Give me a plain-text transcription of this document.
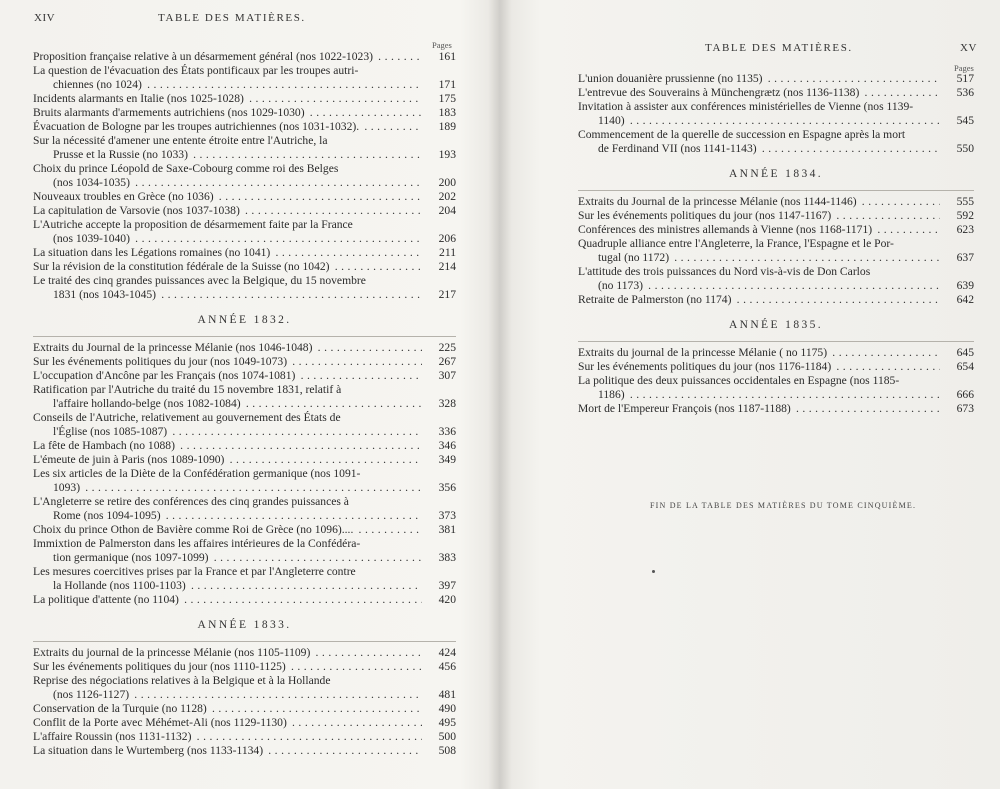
XIV	TABLE DES MATIÈRES.
Pages
Proposition française relative à un désarmement général (nos 1022-1023) . . .	161
La question de l'évacuation des États pontificaux par les troupes autri-
chiennes (no 1024) . . .	171
Incidents alarmants en Italie (nos 1025-1028) . . .	175
Bruits alarmants d'armements autrichiens (nos 1029-1030) . . .	183
Évacuation de Bologne par les troupes autrichiennes (nos 1031-1032). . . .	189
Sur la nécessité d'amener une entente étroite entre l'Autriche, la
Prusse et la Russie (no 1033) . . .	193
Choix du prince Léopold de Saxe-Cobourg comme roi des Belges
(nos 1034-1035) . . .	200
Nouveaux troubles en Grèce (no 1036) . . .	202
La capitulation de Varsovie (nos 1037-1038) . . .	204
L'Autriche accepte la proposition de désarmement faite par la France
(nos 1039-1040) . . .	206
La situation dans les Légations romaines (no 1041) . . .	211
Sur la révision de la constitution fédérale de la Suisse (no 1042) . . .	214
Le traité des cinq grandes puissances avec la Belgique, du 15 novembre
1831 (nos 1043-1045) . . .	217
ANNÉE 1832.
Extraits du Journal de la princesse Mélanie (nos 1046-1048) . . .	225
Sur les événements politiques du jour (nos 1049-1073) . . .	267
L'occupation d'Ancône par les Français (nos 1074-1081) . . .	307
Ratification par l'Autriche du traité du 15 novembre 1831, relatif à
l'affaire hollando-belge (nos 1082-1084) . . .	328
Conseils de l'Autriche, relativement au gouvernement des États de
l'Église (nos 1085-1087) . . .	336
La fête de Hambach (no 1088) . . .	346
L'émeute de juin à Paris (nos 1089-1090) . . .	349
Les six articles de la Diète de la Confédération germanique (nos 1091-
1093) . . .	356
L'Angleterre se retire des conférences des cinq grandes puissances à
Rome (nos 1094-1095) . . .	373
Choix du prince Othon de Bavière comme Roi de Grèce (no 1096).... . . .	381
Immixtion de Palmerston dans les affaires intérieures de la Confédéra-
tion germanique (nos 1097-1099) . . .	383
Les mesures coercitives prises par la France et par l'Angleterre contre
la Hollande (nos 1100-1103) . . .	397
La politique d'attente (no 1104) . . .	420
ANNÉE 1833.
Extraits du journal de la princesse Mélanie (nos 1105-1109) . . .	424
Sur les événements politiques du jour (nos 1110-1125) . . .	456
Reprise des négociations relatives à la Belgique et à la Hollande
(nos 1126-1127) . . .	481
Conservation de la Turquie (no 1128) . . .	490
Conflit de la Porte avec Méhémet-Ali (nos 1129-1130) . . .	495
L'affaire Roussin (nos 1131-1132) . . .	500
La situation dans le Wurtemberg (nos 1133-1134) . . .	508
TABLE DES MATIÈRES.	XV
Pages
L'union douanière prussienne (no 1135) . . .	517
L'entrevue des Souverains à Münchengrætz (nos 1136-1138) . . .	536
Invitation à assister aux conférences ministérielles de Vienne (nos 1139-
1140) . . .	545
Commencement de la querelle de succession en Espagne après la mort
de Ferdinand VII (nos 1141-1143) . . .	550
ANNÉE 1834.
Extraits du Journal de la princesse Mélanie (nos 1144-1146) . . .	555
Sur les événements politiques du jour (nos 1147-1167) . . .	592
Conférences des ministres allemands à Vienne (nos 1168-1171) . . .	623
Quadruple alliance entre l'Angleterre, la France, l'Espagne et le Por-
tugal (no 1172) . . .	637
L'attitude des trois puissances du Nord vis-à-vis de Don Carlos
(no 1173) . . .	639
Retraite de Palmerston (no 1174) . . .	642
ANNÉE 1835.
Extraits du journal de la princesse Mélanie ( no 1175) . . .	645
Sur les événements politiques du jour (nos 1176-1184) . . .	654
La politique des deux puissances occidentales en Espagne (nos 1185-
1186) . . .	666
Mort de l'Empereur François (nos 1187-1188) . . .	673
FIN DE LA TABLE DES MATIÈRES DU TOME CINQUIÈME.
